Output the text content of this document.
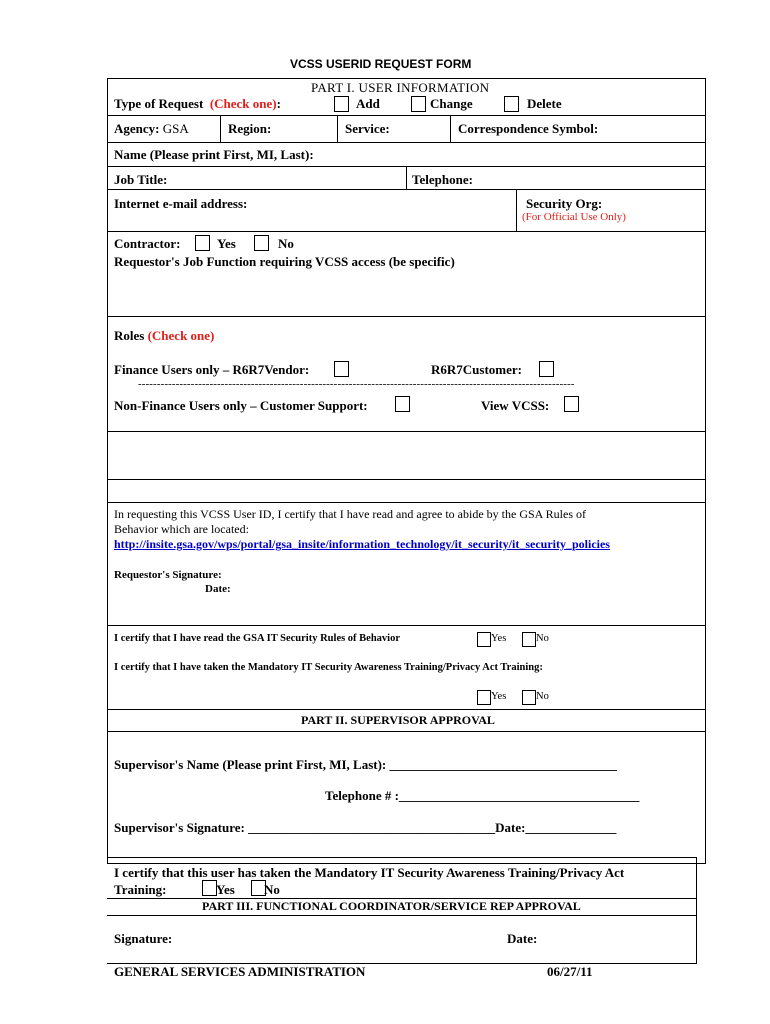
VCSS USERID REQUEST FORM
PART I. USER INFORMATION
Type of Request (Check one):	Add	Change	Delete
Agency: GSA	Region:	Service:	Correspondence Symbol:
Name (Please print First, MI, Last):
Job Title:	Telephone:
Internet e-mail address:	Security Org:
(For Official Use Only)
Contractor:	Yes	No
Requestor's Job Function requiring VCSS access (be specific)
Roles (Check one)
Finance Users only – R6R7Vendor:	R6R7Customer:
--------------------------------------------------------------------------------------------------------------------
Non-Finance Users only – Customer Support:	View VCSS:
In requesting this VCSS User ID, I certify that I have read and agree to abide by the GSA Rules of
Behavior which are located:
http://insite.gsa.gov/wps/portal/gsa_insite/information_technology/it_security/it_security_policies
Requestor's Signature:
Date:
I certify that I have read the GSA IT Security Rules of Behavior	Yes	No
I certify that I have taken the Mandatory IT Security Awareness Training/Privacy Act Training:
Yes	No
PART II. SUPERVISOR APPROVAL
Supervisor's Name (Please print First, MI, Last): ___________________________________
Telephone # :_____________________________________
Supervisor's Signature: ______________________________________Date:______________
I certify that this user has taken the Mandatory IT Security Awareness Training/Privacy Act
Training:	Yes No
PART III. FUNCTIONAL COORDINATOR/SERVICE REP APPROVAL
Signature:	Date:
GENERAL SERVICES ADMINISTRATION	06/27/11
